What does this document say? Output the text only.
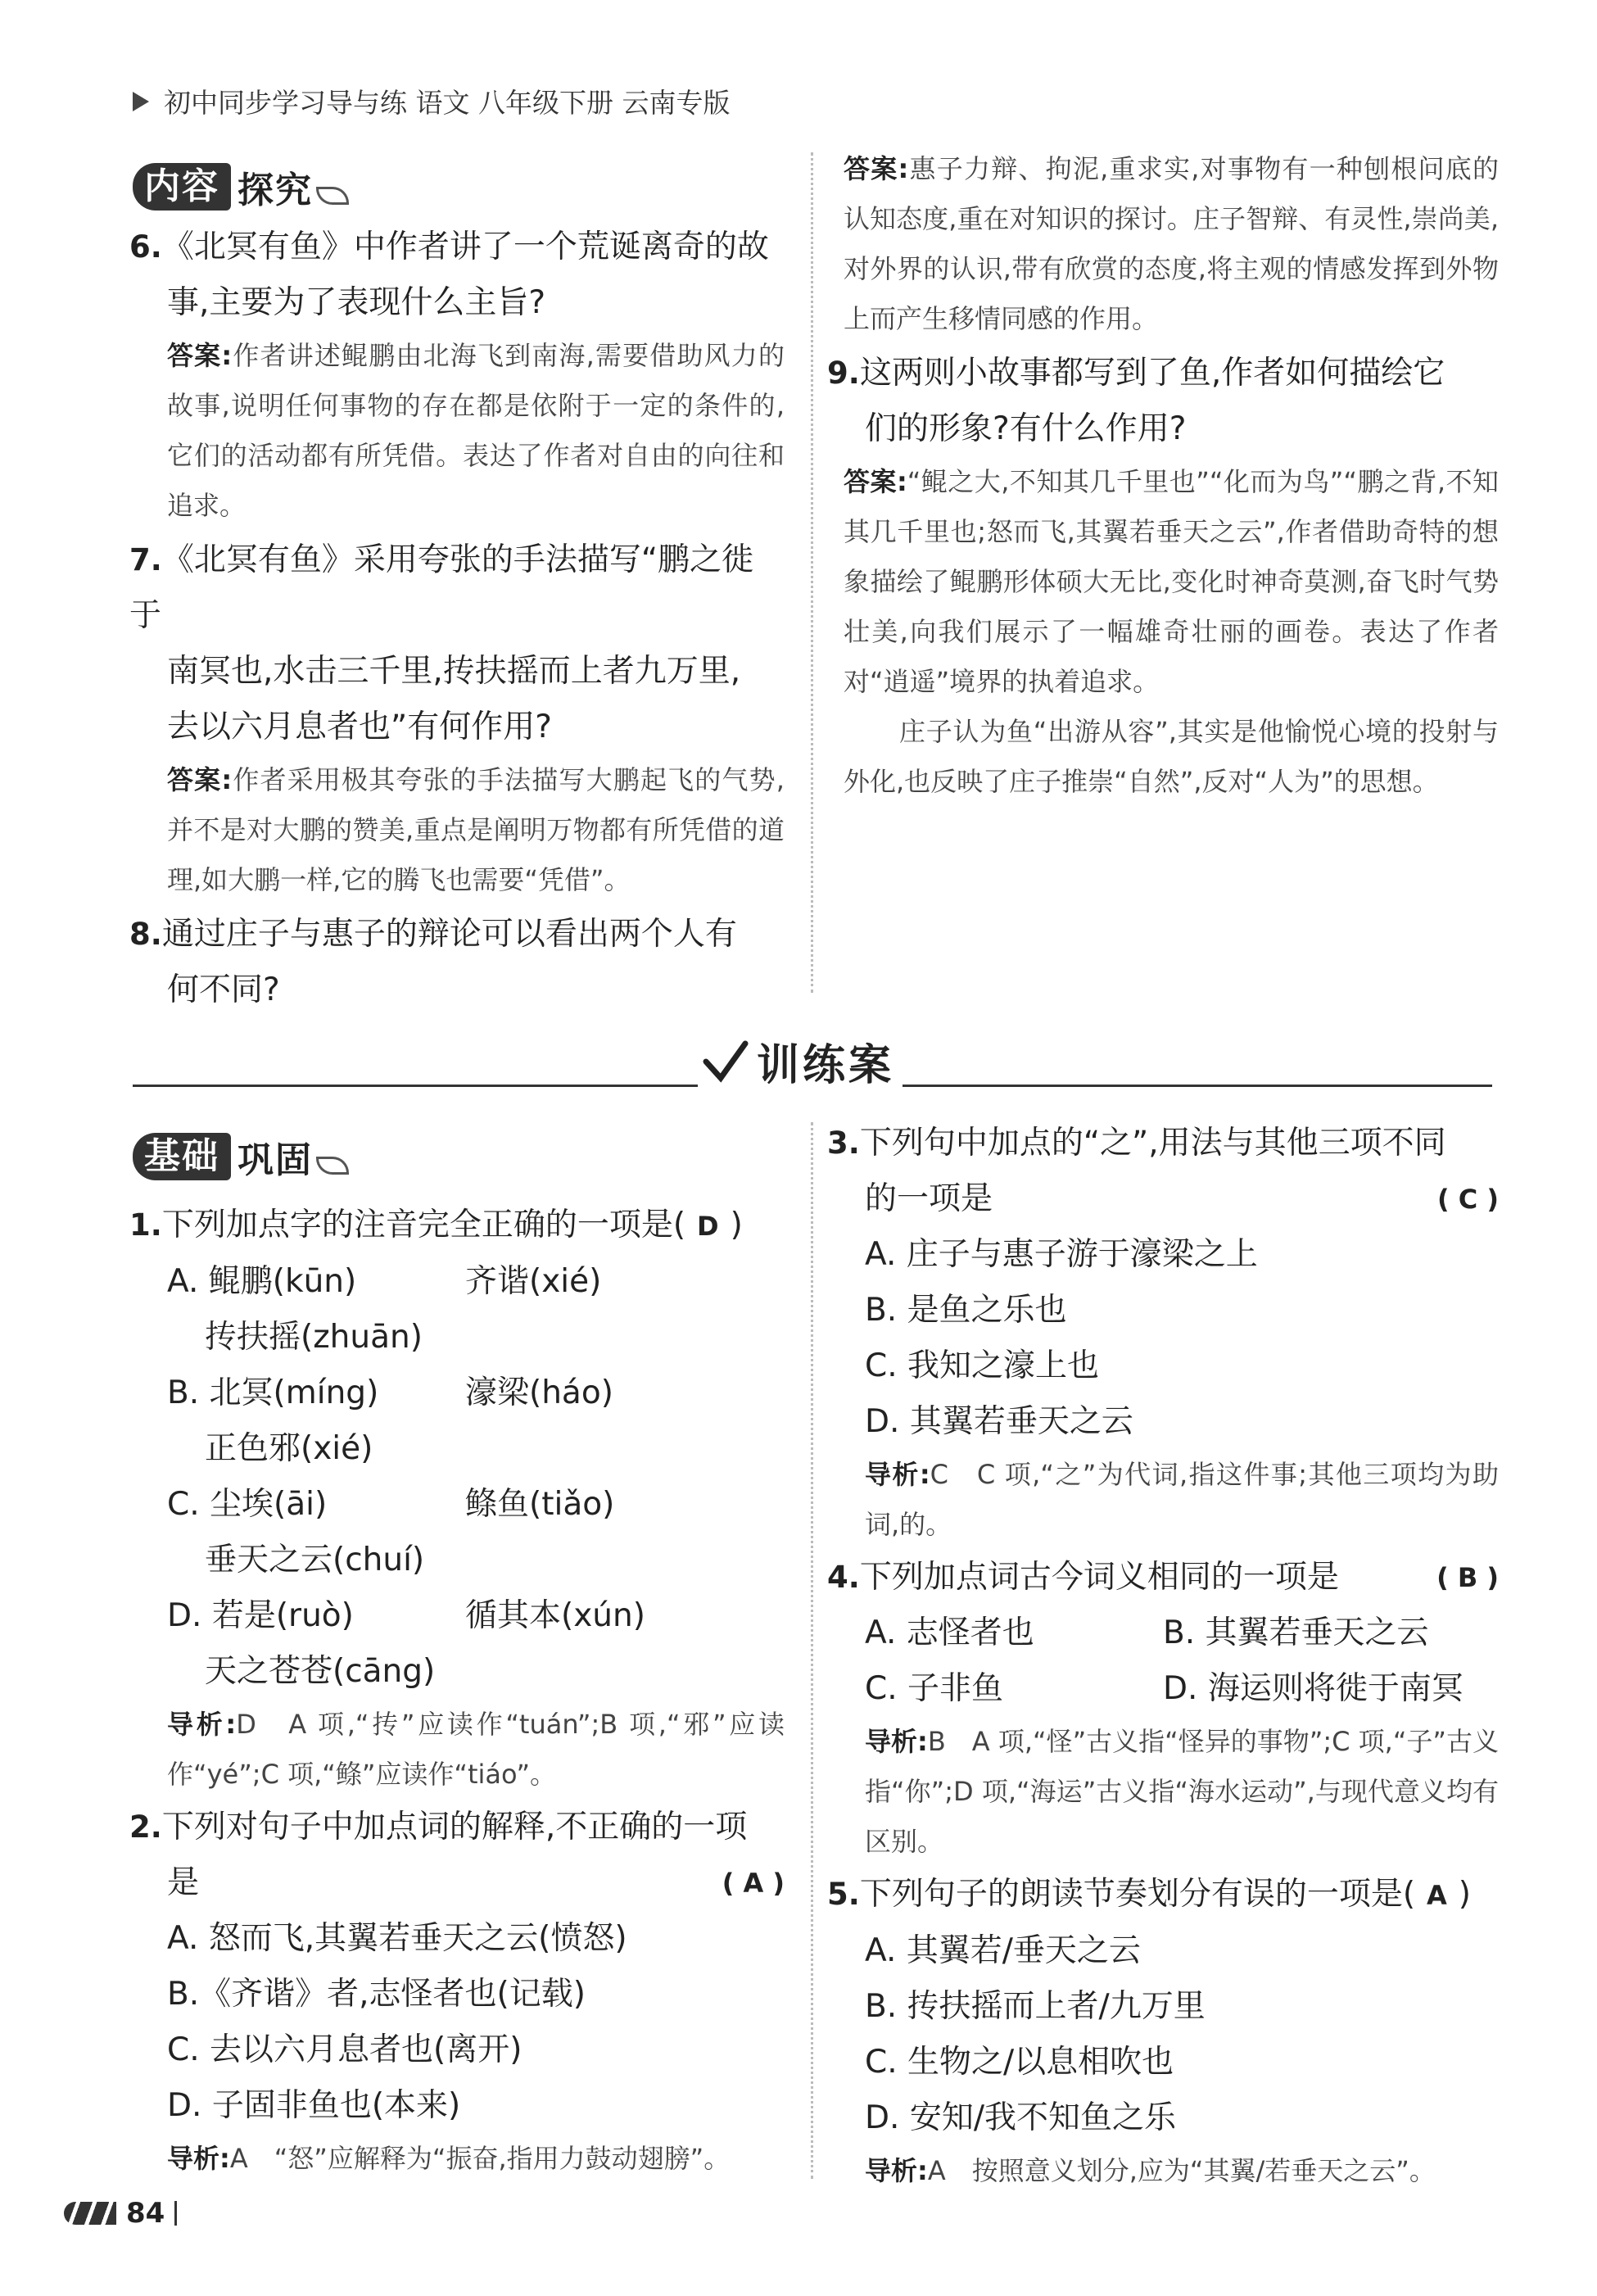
初中同步学习导与练 语文 八年级下册 云南专版
内容 探究
6.《北冥有鱼》中作者讲了一个荒诞离奇的故
事,主要为了表现什么主旨?
答案:作者讲述鲲鹏由北海飞到南海,需要借助风力的故事,说明任何事物的存在都是依附于一定的条件的,它们的活动都有所凭借。表达了作者对自由的向往和追求。
7.《北冥有鱼》采用夸张的手法描写“鹏之徙于
南冥也,水击三千里,抟扶摇而上者九万里,
去以六月息者也”有何作用?
答案:作者采用极其夸张的手法描写大鹏起飞的气势,并不是对大鹏的赞美,重点是阐明万物都有所凭借的道理,如大鹏一样,它的腾飞也需要“凭借”。
8.通过庄子与惠子的辩论可以看出两个人有
何不同?
答案:惠子力辩、拘泥,重求实,对事物有一种刨根问底的认知态度,重在对知识的探讨。庄子智辩、有灵性,崇尚美,对外界的认识,带有欣赏的态度,将主观的情感发挥到外物上而产生移情同感的作用。
9.这两则小故事都写到了鱼,作者如何描绘它
们的形象?有什么作用?
答案:“鲲之大,不知其几千里也”“化而为鸟”“鹏之背,不知其几千里也;怒而飞,其翼若垂天之云”,作者借助奇特的想象描绘了鲲鹏形体硕大无比,变化时神奇莫测,奋飞时气势壮美,向我们展示了一幅雄奇壮丽的画卷。表达了作者对“逍遥”境界的执着追求。
庄子认为鱼“出游从容”,其实是他愉悦心境的投射与外化,也反映了庄子推崇“自然”,反对“人为”的思想。
训练案
基础 巩固
1.下列加点字的注音完全正确的一项是( D )
A. 鲲鹏(kūn)	齐谐(xié)
抟扶摇(zhuān)
B. 北冥(míng)	濠梁(háo)
正色邪(xié)
C. 尘埃(āi)	鲦鱼(tiǎo)
垂天之云(chuí)
D. 若是(ruò)	循其本(xún)
天之苍苍(cāng)
导析:D　A 项,“抟”应读作“tuán”;B 项,“邪”应读作“yé”;C 项,“鲦”应读作“tiáo”。
2.下列对句子中加点词的解释,不正确的一项
是	( A )
A. 怒而飞,其翼若垂天之云(愤怒)
B.《齐谐》者,志怪者也(记载)
C. 去以六月息者也(离开)
D. 子固非鱼也(本来)
导析:A　“怒”应解释为“振奋,指用力鼓动翅膀”。
3.下列句中加点的“之”,用法与其他三项不同
的一项是	( C )
A. 庄子与惠子游于濠梁之上
B. 是鱼之乐也
C. 我知之濠上也
D. 其翼若垂天之云
导析:C　C 项,“之”为代词,指这件事;其他三项均为助词,的。
4.下列加点词古今词义相同的一项是	( B )
A. 志怪者也	B. 其翼若垂天之云
C. 子非鱼	D. 海运则将徙于南冥
导析:B　A 项,“怪”古义指“怪异的事物”;C 项,“子”古义指“你”;D 项,“海运”古义指“海水运动”,与现代意义均有区别。
5.下列句子的朗读节奏划分有误的一项是( A )
A. 其翼若/垂天之云
B. 抟扶摇而上者/九万里
C. 生物之/以息相吹也
D. 安知/我不知鱼之乐
导析:A　按照意义划分,应为“其翼/若垂天之云”。
84
